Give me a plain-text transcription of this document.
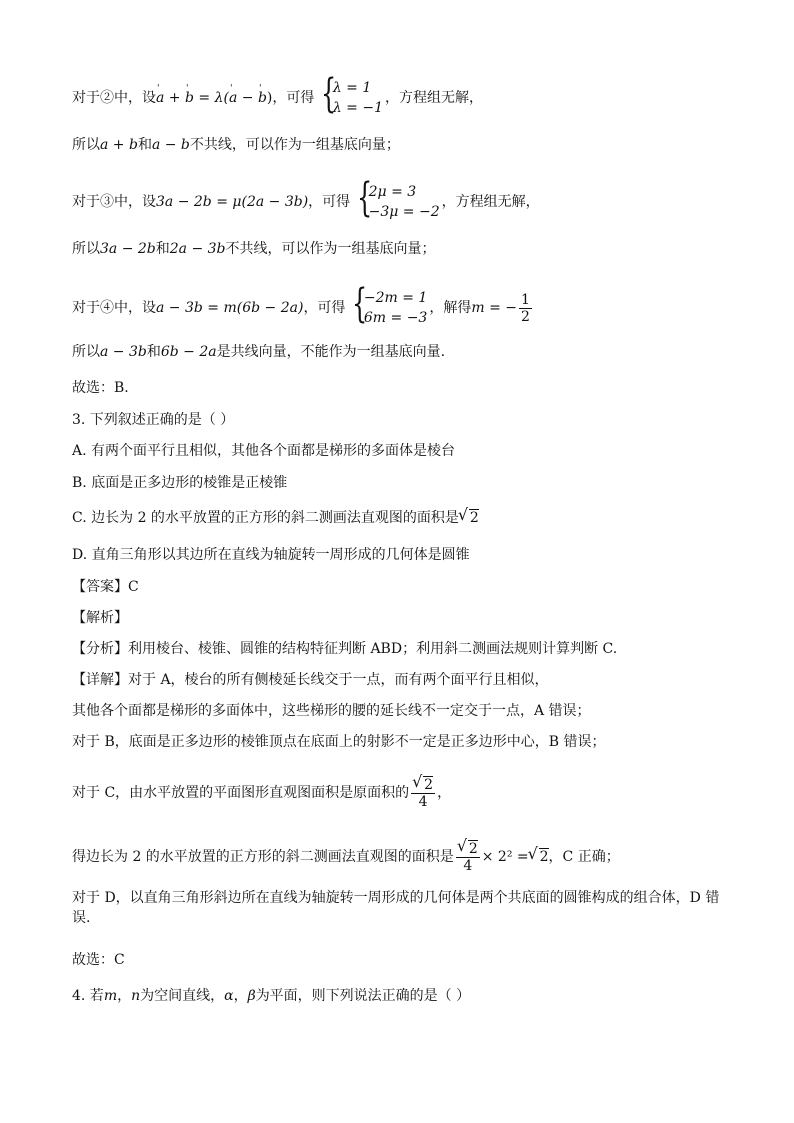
对于②中，设' a + ' b = λ(' a − ' b)，可得 {
λ = 1
λ = −1
，方程组无解，
所以a + b和a − b不共线，可以作为一组基底向量；
对于③中，设3a − 2b = μ(2a − 3b)，可得 {
2μ = 3
−3μ = −2
，方程组无解，
所以3a − 2b和2a − 3b不共线，可以作为一组基底向量；
对于④中，设a − 3b = m(6b − 2a)，可得 {
−2m = 1
6m = −3
，解得m = − $\frac{1}{2}$
所以a − 3b和6b − 2a是共线向量，不能作为一组基底向量.
故选：B.
3. 下列叙述正确的是（ ）
A. 有两个面平行且相似，其他各个面都是梯形的多面体是棱台
B. 底面是正多边形的棱锥是正棱锥
C. 边长为 2 的水平放置的正方形的斜二测画法直观图的面积是 √ 2
D. 直角三角形以其边所在直线为轴旋转一周形成的几何体是圆锥
【答案】C
【解析】
【分析】利用棱台、棱锥、圆锥的结构特征判断 ABD；利用斜二测画法规则计算判断 C.
【详解】对于 A，棱台的所有侧棱延长线交于一点，而有两个面平行且相似，
其他各个面都是梯形的多面体中，这些梯形的腰的延长线不一定交于一点，A 错误；
对于 B，底面是正多边形的棱锥顶点在底面上的射影不一定是正多边形中心，B 错误；
对于 C，由水平放置的平面图形直观图面积是原面积的 √ $\frac{2}{4}$ ，
得边长为 2 的水平放置的正方形的斜二测画法直观图的面积是 √ $\frac{2}{4} \times 2^2$ = √ 2，C 正确；
对于 D，以直角三角形斜边所在直线为轴旋转一周形成的几何体是两个共底面的圆锥构成的组合体，D 错误.
故选：C
4. 若m，n为空间直线，α，β为平面，则下列说法正确的是（ ）
